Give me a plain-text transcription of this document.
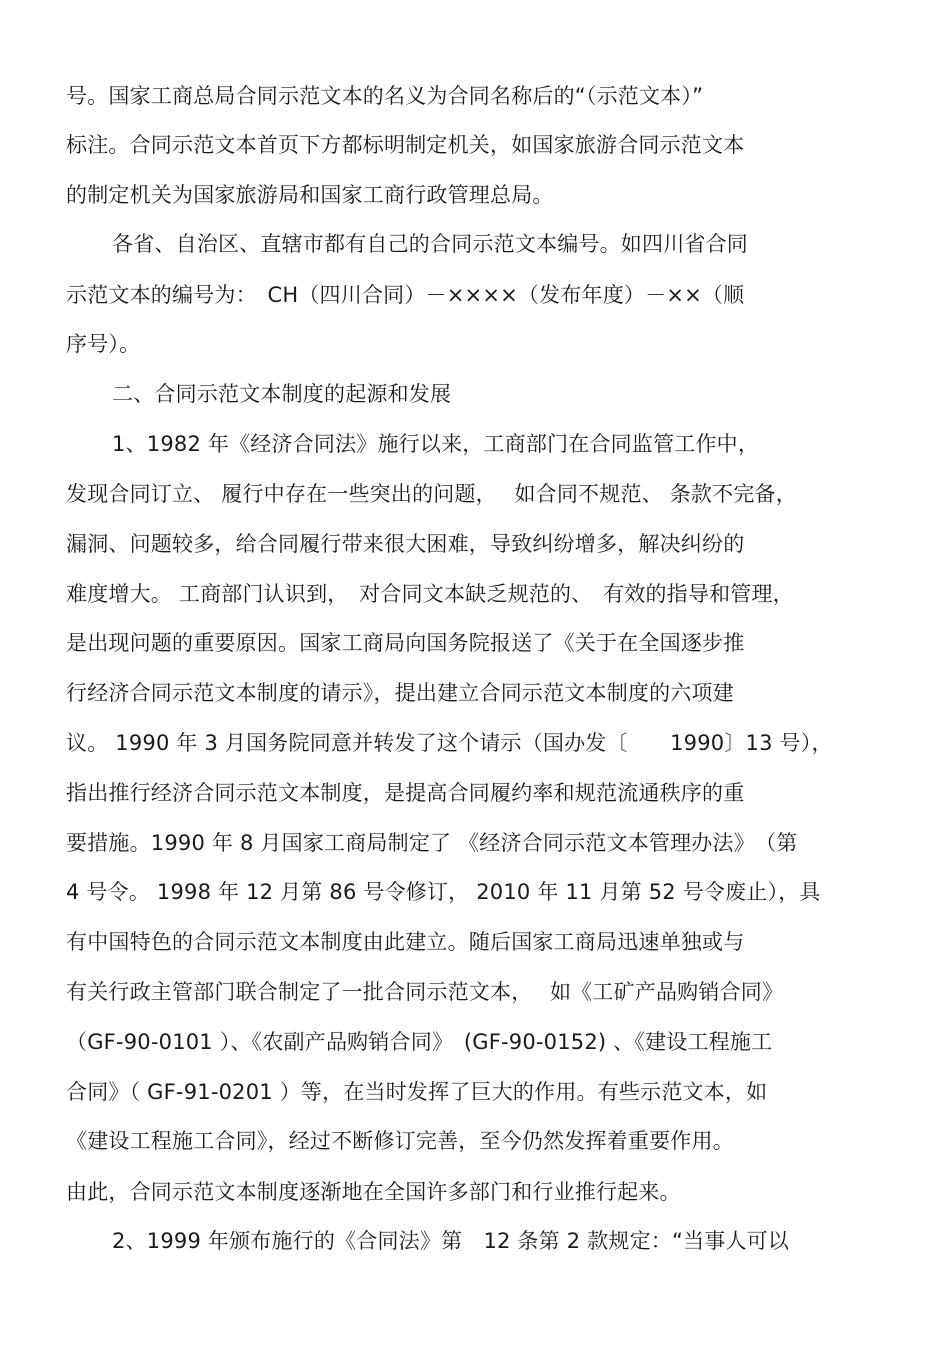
号。国家工商总局合同示范文本的名义为合同名称后的“（示范文本）”
标注。合同示范文本首页下方都标明制定机关，如国家旅游合同示范文本
的制定机关为国家旅游局和国家工商行政管理总局。
各省、自治区、直辖市都有自己的合同示范文本编号。如四川省合同
示范文本的编号为：　CH（四川合同）－××××（发布年度）－××（顺
序号）。
二、合同示范文本制度的起源和发展
1、1982 年《经济合同法》施行以来，工商部门在合同监管工作中，
发现合同订立、 履行中存在一些突出的问题，　 如合同不规范、 条款不完备，
漏洞、问题较多，给合同履行带来很大困难，导致纠纷增多，解决纠纷的
难度增大。 工商部门认识到，　对合同文本缺乏规范的、　有效的指导和管理，
是出现问题的重要原因。国家工商局向国务院报送了《关于在全国逐步推
行经济合同示范文本制度的请示》，提出建立合同示范文本制度的六项建
议。 1990 年 3 月国务院同意并转发了这个请示（国办发〔　　1990〕13 号），
指出推行经济合同示范文本制度，是提高合同履约率和规范流通秩序的重
要措施。1990 年 8 月国家工商局制定了 《经济合同示范文本管理办法》　（第
4 号令。 1998 年 12 月第 86 号令修订， 2010 年 11 月第 52 号令废止），具
有中国特色的合同示范文本制度由此建立。随后国家工商局迅速单独或与
有关行政主管部门联合制定了一批合同示范文本，　 如《工矿产品购销合同》
（GF-90-0101 ）、《农副产品购销合同》　(GF-90-0152) 、《建设工程施工
合同》（ GF-91-0201 ）等，在当时发挥了巨大的作用。有些示范文本，如
《建设工程施工合同》，经过不断修订完善，至今仍然发挥着重要作用。
由此，合同示范文本制度逐渐地在全国许多部门和行业推行起来。
2、1999 年颁布施行的《合同法》第　12 条第 2 款规定：“当事人可以
